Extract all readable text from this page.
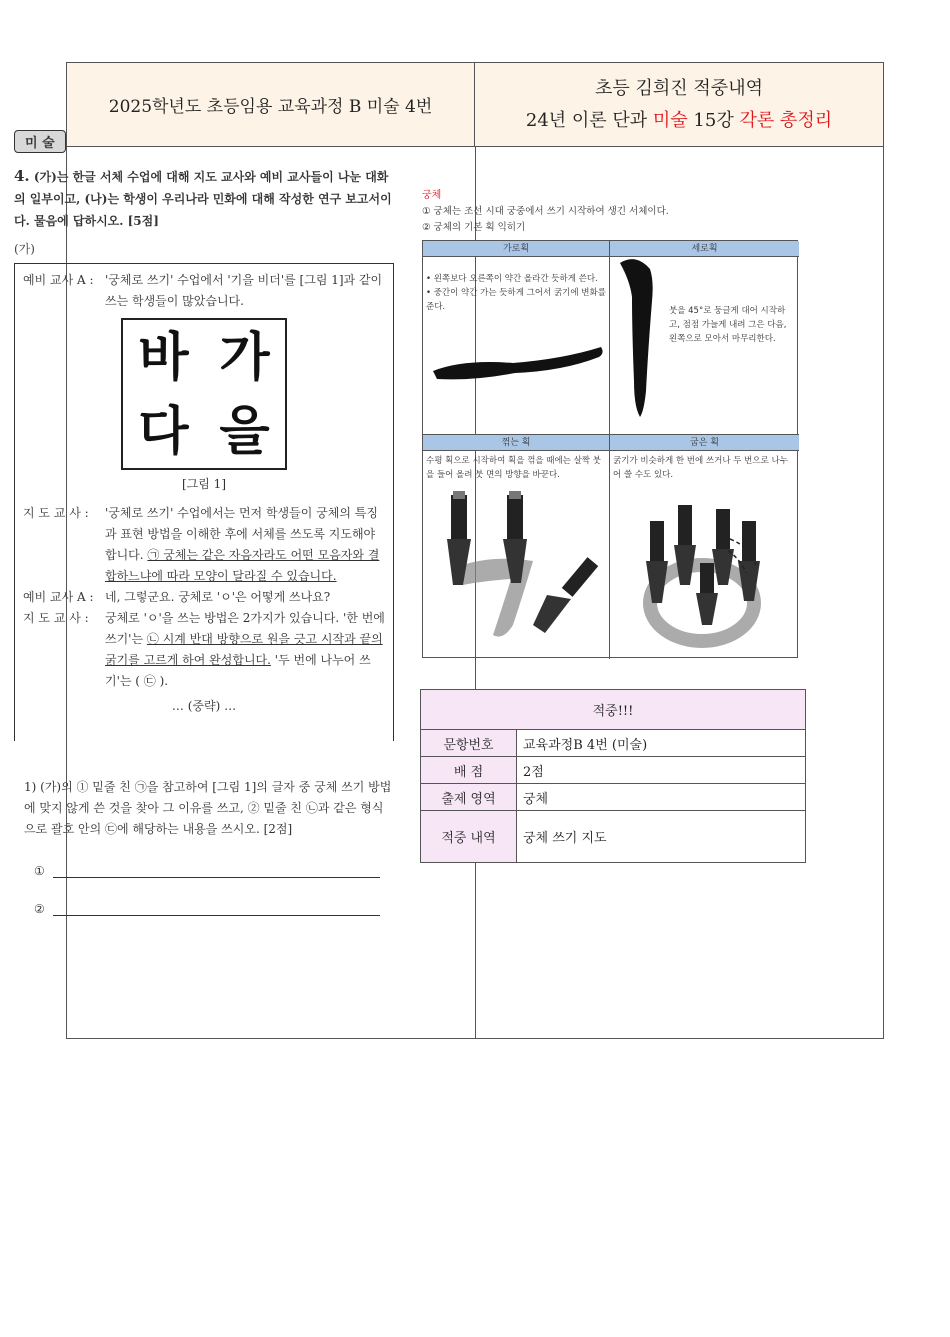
2025학년도 초등임용 교육과정 B 미술 4번
초등 김희진 적중내역
24년 이론 단과 미술 15강 각론 총정리
미 술
4. (가)는 한글 서체 수업에 대해 지도 교사와 예비 교사들이 나눈 대화의 일부이고, (나)는 학생이 우리나라 민화에 대해 작성한 연구 보고서이다. 물음에 답하시오. [5점]
(가)
예비 교사 A : '궁체로 쓰기' 수업에서 '기을 비더'를 [그림 1]과 같이 쓰는 학생들이 많았습니다.
바 가
다 을
[그림 1]
지 도 교 사 :	'궁체로 쓰기' 수업에서는 먼저 학생들이 궁체의 특징과 표현 방법을 이해한 후에 서체를 쓰도록 지도해야 합니다. ㉠ 궁체는 같은 자음자라도 어떤 모음자와 결합하느냐에 따라 모양이 달라질 수 있습니다.
예비 교사 A : 네, 그렇군요. 궁체로 'ㅇ'은 어떻게 쓰나요?
지 도 교 사 :	궁체로 'ㅇ'을 쓰는 방법은 2가지가 있습니다. '한 번에 쓰기'는 ㉡ 시계 반대 방향으로 원을 긋고 시작과 끝의 굵기를 고르게 하여 완성합니다. '두 번에 나누어 쓰기'는 ( ㉢ ).
… (중략) …
1) (가)의 ① 밑줄 친 ㉠을 참고하여 [그림 1]의 글자 중 궁체 쓰기 방법에 맞지 않게 쓴 것을 찾아 그 이유를 쓰고, ② 밑줄 친 ㉡과 같은 형식으로 괄호 안의 ㉢에 해당하는 내용을 쓰시오. [2점]
①
②

궁체

① 궁체는 조선 시대 궁중에서 쓰기 시작하여 생긴 서체이다.

② 궁체의 기본 획 익히기

가로획
• 왼쪽보다 오른쪽이 약간 올라간 듯하게 쓴다.
• 중간이 약간 가는 듯하게 그어서 굵기에 변화를 준다.
세로획
붓을 45°로 둥글게 대어 시작하고, 점점 가늘게 내려 그은 다음, 왼쪽으로 모아서 마무리한다.
꺾는 획
수평 획으로 시작하여 획을 꺾을 때에는 살짝 붓을 들어 올려 붓 면의 방향을 바꾼다.
굽은 획
굵기가 비슷하게 한 번에 쓰거나 두 번으로 나누어 쓸 수도 있다.
적중!!!	
문항번호	교육과정B 4번 (미술)
배 점	2점
출제 영역	궁체
적중 내역	궁체 쓰기 지도
